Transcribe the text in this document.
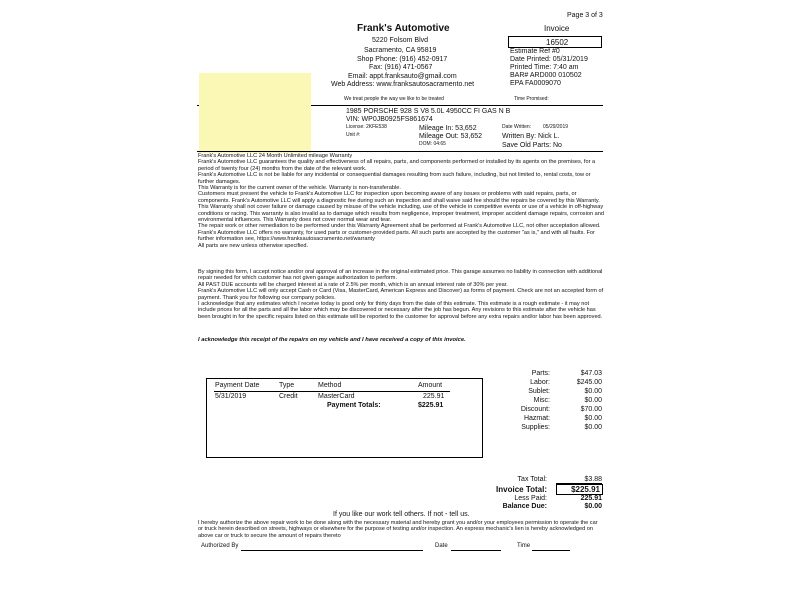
Page 3 of 3
Frank's Automotive
5220 Folsom Blvd
Sacramento, CA 95819
Shop Phone: (916) 452-0917
Fax: (916) 471-0567
Email: appt.franksauto@gmail.com
Web Address: www.franksautosacramento.net
We treat people the way we like to be treated
Invoice
16502
Estimate Ref #0
Date Printed: 05/31/2019
Printed Time: 7:40 am
BAR# ARD000 010502
EPA FA0009070
Time Promised:
1985 PORSCHE 928 S V8 5.0L 4950CC FI GAS N B
VIN: WP0JB0925FS861674
License: 2KFE538
Unit #:
Mileage In: 53,652
Mileage Out: 53,652
DOM: 04:65
Date Written: 05/29/2019
Written By: Nick L.
Save Old Parts: No
Frank's Automotive LLC 24 Month Unlimited mileage Warranty
Frank's Automotive LLC guarantees the quality and effectiveness of all repairs, parts, and components performed or installed by its agents on the premises, for a period of twenty four (24) months from the date of the relevant work.
Frank's Automotive LLC is not be liable for any incidental or consequential damages resulting from such failure, including, but not limited to, rental costs, tow or further damages.
This Warranty is for the current owner of the vehicle. Warranty is non-transferable.
Customers must present the vehicle to Frank's Automotive LLC for inspection upon becoming aware of any issues or problems with said repairs, parts, or components. Frank's Automotive LLC will apply a diagnostic fee during such an inspection and shall waive said fee should the repairs be covered by this Warranty.
This Warranty shall not cover failure or damage caused by misuse of the vehicle including, use of the vehicle in competitive events or use of a vehicle in off-highway conditions or racing. This warranty is also invalid as to damage which results from negligence, improper treatment, improper accident damage repairs, corrosion and environmental influences. This Warranty does not cover normal wear and tear.
The repair work or other remediation to be performed under this Warranty Agreement shall be performed at Frank's Automotive LLC, not other acceptation allowed.
Frank's Automotive LLC offers no warranty, for used parts or customer-provided parts. All such parts are accepted by the customer "as is," and with all faults. For further information see, https://www.franksautosacramento.net/warranty
All parts are new unless otherwise specified.
By signing this form, I accept notice and/or oral approval of an increase in the original estimated price. This garage assumes no liability in connection with additional repair needed for which customer has not given garage authorization to perform.
All PAST DUE accounts will be charged interest at a rate of 2.5% per month, which is an annual interest rate of 30% per year.
Frank's Automotive LLC will only accept Cash or Card (Visa, MasterCard, American Express and Discover) as forms of payment. Check are not an accepted form of payment. Thank you for following our company policies.
I acknowledge that any estimates which I receive today is good only for thirty days from the date of this estimate. This estimate is a rough estimate - it may not include prices for all the parts and all the labor which may be discovered or necessary after the job has begun. Any revisions to this estimate after the vehicle has been brought in for the specific repairs listed on this estimate will be reported to the customer for approval before any extra repairs and/or labor has been approved.
I acknowledge this receipt of the repairs on my vehicle and I have received a copy of this invoice.
Payment Date	Type	Method	Amount
5/31/2019	Credit	MasterCard	225.91
Payment Totals:	$225.91
Parts:	$47.03
Labor:	$245.00
Sublet:	$0.00
Misc:	$0.00
Discount:	$70.00
Hazmat:	$0.00
Supplies:	$0.00
Tax Total:	$3.88
Invoice Total:	$225.91
Less Paid:	225.91
Balance Due:	$0.00
If you like our work tell others. If not - tell us.
I hereby authorize the above repair work to be done along with the necessary material and hereby grant you and/or your employees permission to operate the car or truck herein described on streets, highways or elsewhere for the purpose of testing and/or inspection. An express mechanic's lien is hereby acknowledged on above car or truck to secure the amount of repairs thereto
Authorized By	Date	Time
